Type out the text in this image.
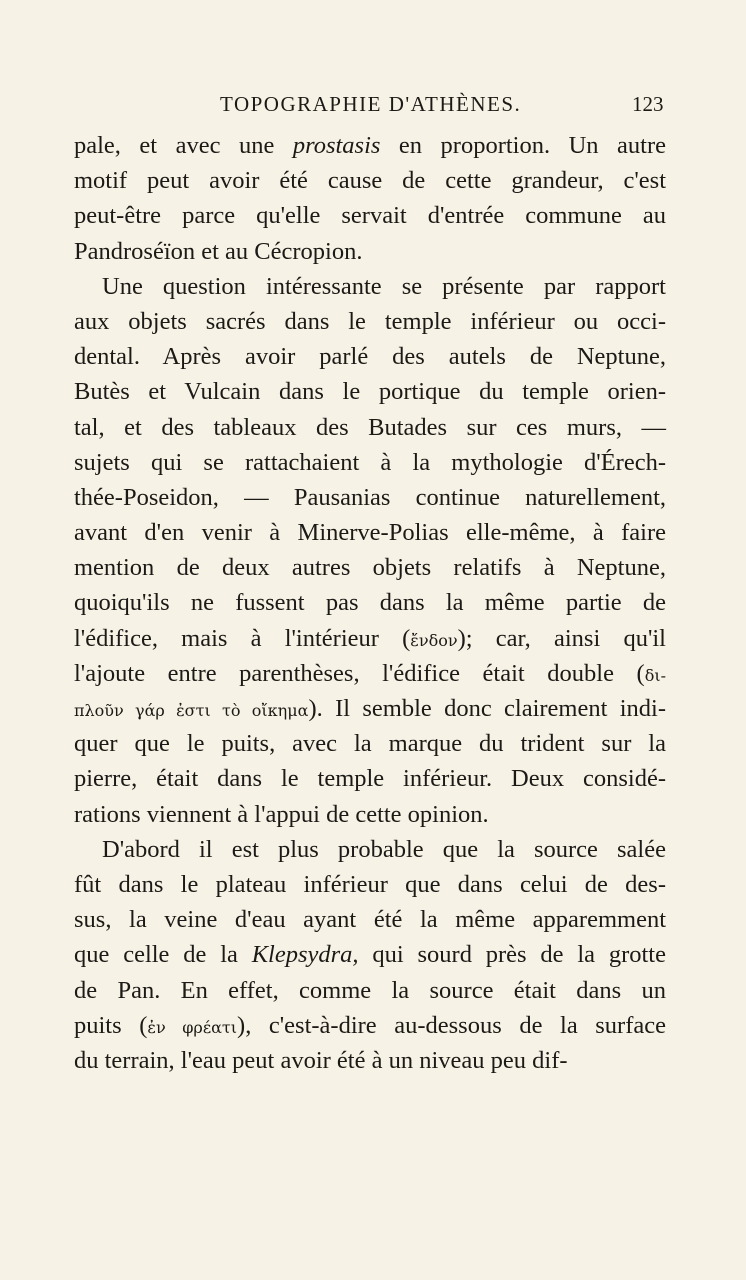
TOPOGRAPHIE D'ATHÈNES.	123
pale, et avec une prostasis en proportion. Un autre
motif peut avoir été cause de cette grandeur, c'est
peut-être parce qu'elle servait d'entrée commune au
Pandroséïon et au Cécropion.
Une question intéressante se présente par rapport
aux objets sacrés dans le temple inférieur ou occi-
dental. Après avoir parlé des autels de Neptune,
Butès et Vulcain dans le portique du temple orien-
tal, et des tableaux des Butades sur ces murs, —
sujets qui se rattachaient à la mythologie d'Érech-
thée-Poseidon, — Pausanias continue naturellement,
avant d'en venir à Minerve-Polias elle-même, à faire
mention de deux autres objets relatifs à Neptune,
quoiqu'ils ne fussent pas dans la même partie de
l'édifice, mais à l'intérieur (ἔνδον); car, ainsi qu'il
l'ajoute entre parenthèses, l'édifice était double (δι-
πλοῦν γάρ ἐστι τὸ οἴκημα). Il semble donc clairement indi-
quer que le puits, avec la marque du trident sur la
pierre, était dans le temple inférieur. Deux considé-
rations viennent à l'appui de cette opinion.
D'abord il est plus probable que la source salée
fût dans le plateau inférieur que dans celui de des-
sus, la veine d'eau ayant été la même apparemment
que celle de la Klepsydra, qui sourd près de la grotte
de Pan. En effet, comme la source était dans un
puits (ἐν φρέατι), c'est-à-dire au-dessous de la surface
du terrain, l'eau peut avoir été à un niveau peu dif-
